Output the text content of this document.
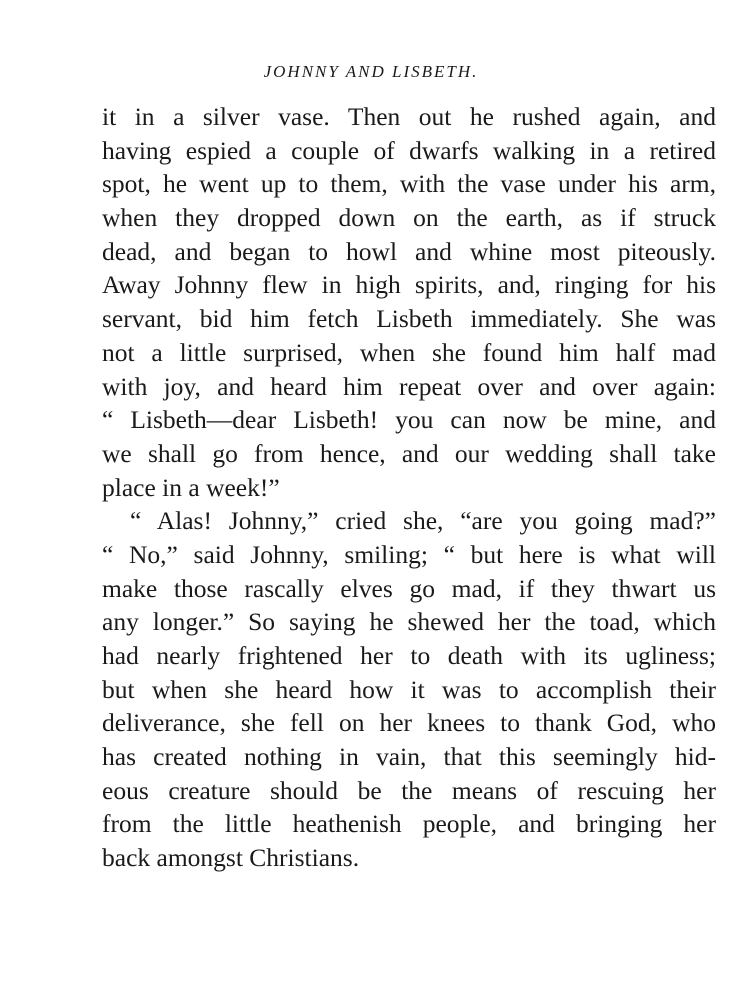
JOHNNY AND LISBETH.
it in a silver vase. Then out he rushed again, and
having espied a couple of dwarfs walking in a retired
spot, he went up to them, with the vase under his arm,
when they dropped down on the earth, as if struck
dead, and began to howl and whine most piteously.
Away Johnny flew in high spirits, and, ringing for his
servant, bid him fetch Lisbeth immediately. She was
not a little surprised, when she found him half mad
with joy, and heard him repeat over and over again:
“ Lisbeth—dear Lisbeth! you can now be mine, and
we shall go from hence, and our wedding shall take
place in a week!”
“ Alas! Johnny,” cried she, “are you going mad?”
“ No,” said Johnny, smiling; “ but here is what will
make those rascally elves go mad, if they thwart us
any longer.” So saying he shewed her the toad, which
had nearly frightened her to death with its ugliness;
but when she heard how it was to accomplish their
deliverance, she fell on her knees to thank God, who
has created nothing in vain, that this seemingly hid-
eous creature should be the means of rescuing her
from the little heathenish people, and bringing her
back amongst Christians.
